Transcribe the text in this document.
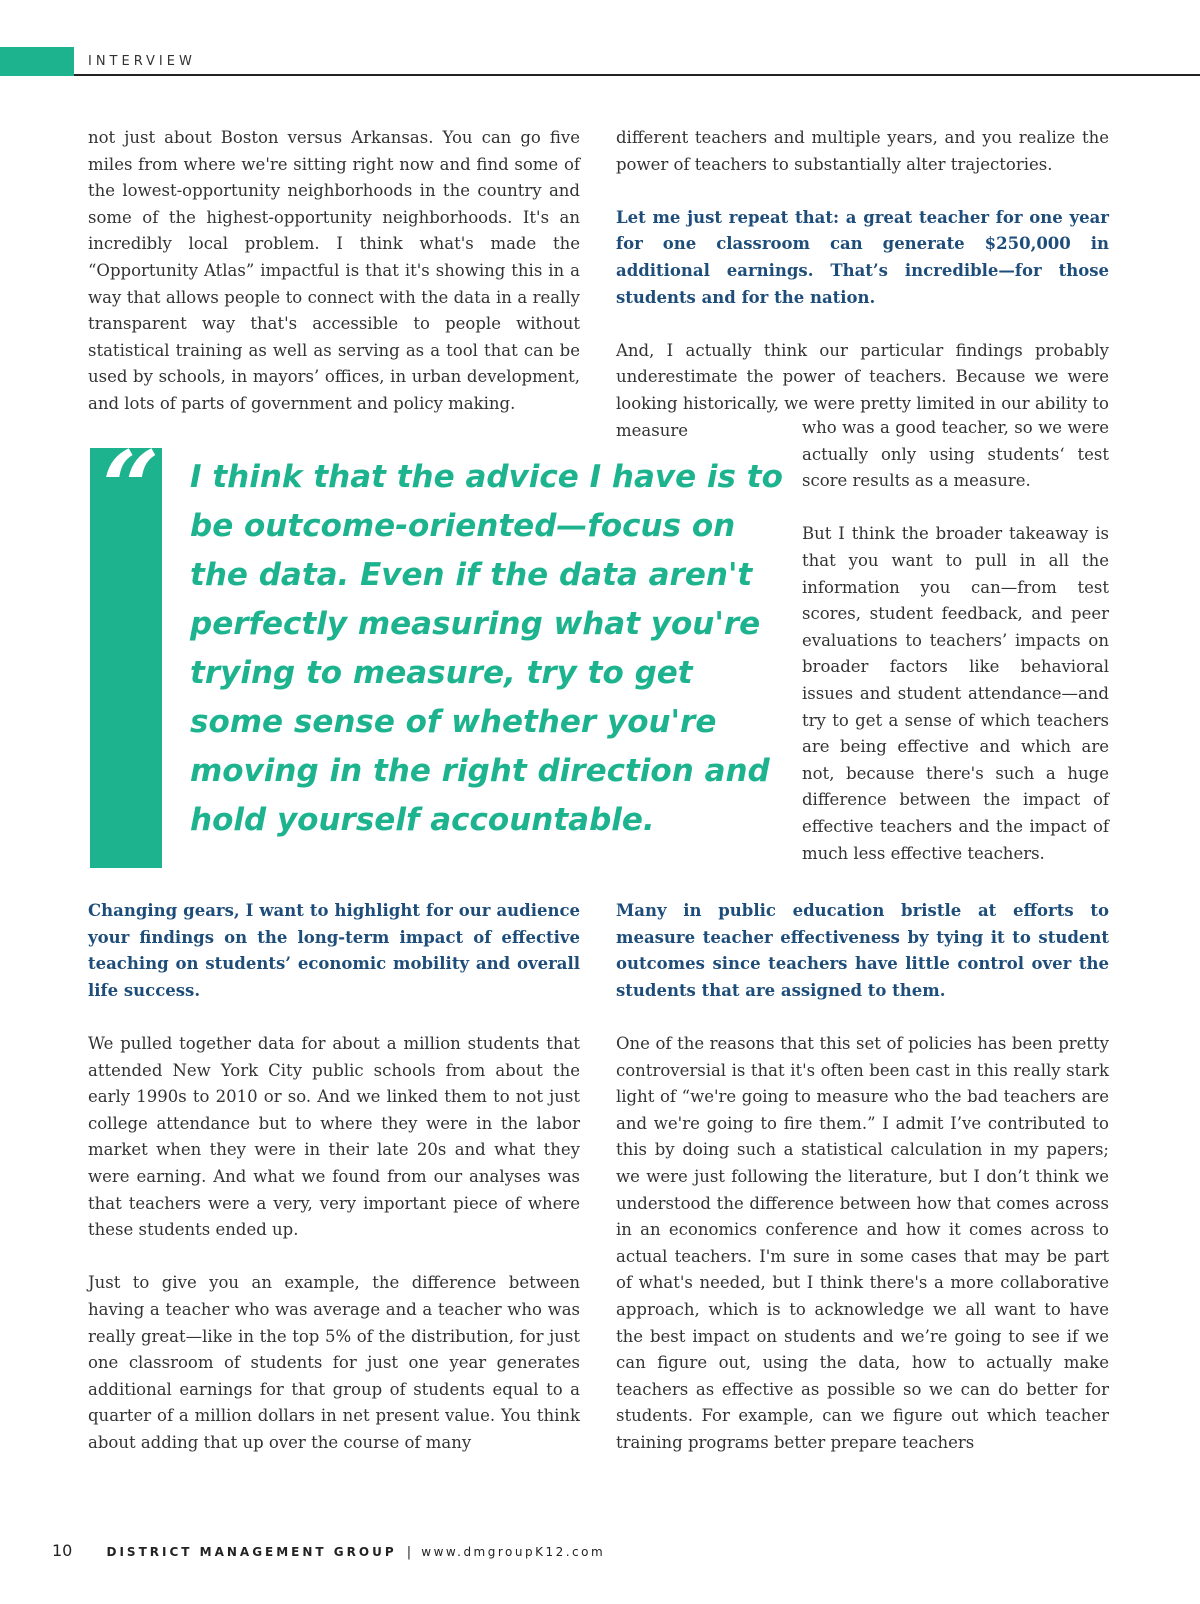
INTERVIEW

not just about Boston versus Arkansas. You can go five miles from where we're sitting right now and find some of the lowest-opportunity neighborhoods in the country and some of the highest-opportunity neighborhoods. It's an incredibly local problem. I think what's made the “Opportunity Atlas” impactful is that it's showing this in a way that allows people to connect with the data in a really transparent way that's accessible to people without statistical training as well as serving as a tool that can be used by schools, in mayors’ offices, in urban development, and lots of parts of government and policy making.

different teachers and multiple years, and you realize the power of teachers to substantially alter trajectories.

Let me just repeat that: a great teacher for one year for one classroom can generate $250,000 in additional earnings. That’s incredible—for those students and for the nation.

And, I actually think our particular findings probably underestimate the power of teachers. Because we were looking historically, we were pretty limited in our ability to measure	who was a good teacher, so we were actually only using students‘ test score results as a measure.

But I think the broader takeaway is that you want to pull in all the information you can—from test scores, student feedback, and peer evaluations to teachers’ impacts on broader factors like behavioral issues and student attendance—and try to get a sense of which teachers are being effective and which are not, because there's such a huge difference between the impact of effective teachers and the impact of much less effective teachers.

“ I think that the advice I have is to be outcome-oriented—focus on the data. Even if the data aren't perfectly measuring what you're trying to measure, try to get some sense of whether you're moving in the right direction and hold yourself accountable.

Changing gears, I want to highlight for our audience your findings on the long-term impact of effective teaching on students’ economic mobility and overall life success.

We pulled together data for about a million students that attended New York City public schools from about the early 1990s to 2010 or so. And we linked them to not just college attendance but to where they were in the labor market when they were in their late 20s and what they were earning. And what we found from our analyses was that teachers were a very, very important piece of where these students ended up.

Just to give you an example, the difference between having a teacher who was average and a teacher who was really great—like in the top 5% of the distribution, for just one classroom of students for just one year generates additional earnings for that group of students equal to a quarter of a million dollars in net present value. You think about adding that up over the course of many

Many in public education bristle at efforts to measure teacher effectiveness by tying it to student outcomes since teachers have little control over the students that are assigned to them.

One of the reasons that this set of policies has been pretty controversial is that it's often been cast in this really stark light of “we're going to measure who the bad teachers are and we're going to fire them.” I admit I’ve contributed to this by doing such a statistical calculation in my papers; we were just following the literature, but I don’t think we understood the difference between how that comes across in an economics conference and how it comes across to actual teachers. I'm sure in some cases that may be part of what's needed, but I think there's a more collaborative approach, which is to acknowledge we all want to have the best impact on students and we’re going to see if we can figure out, using the data, how to actually make teachers as effective as possible so we can do better for students. For example, can we figure out which teacher training programs better prepare teachers

10	DISTRICT MANAGEMENT GROUP | www.dmgroupK12.com
